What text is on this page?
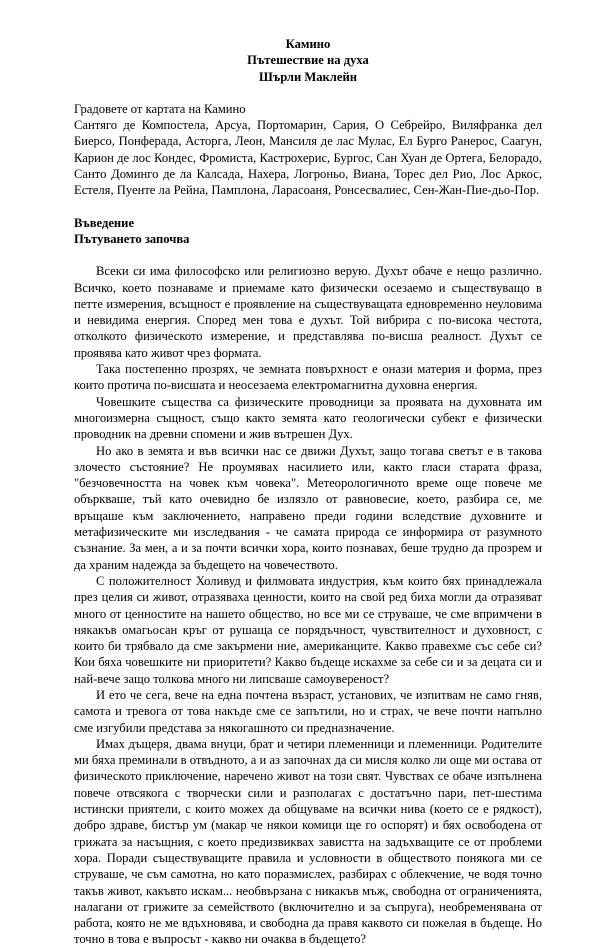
Камино
Пътешествие на духа
Шърли Маклейн
Градовете от картата на Камино
Сантяго де Компостела, Арсуа, Портомарин, Сария, О Себрейро, Виляфранка дел Биерсо, Понферада, Асторга, Леон, Мансиля де лас Мулас, Ел Бурго Ранерос, Саагун, Карион де лос Кондес, Фромиста, Кастрохерис, Бургос, Сан Хуан де Ортега, Белорадо, Санто Доминго де ла Калсада, Нахера, Логроньо, Виана, Торес дел Рио, Лос Аркос, Естеля, Пуенте ла Рейна, Памплона, Ларасоаня, Ронсесвалиес, Сен-Жан-Пие-дьо-Пор.
Въведение
Пътуването започва

Всеки си има философско или религиозно верую. Духът обаче е нещо различно. Всичко, което познаваме и приемаме като физически осезаемо и съществуващо в петте измерения, всъщност е проявление на съществуващата едновременно неуловима и невидима енергия. Според мен това е духът. Той вибрира с по-висока честота, отколкото физическото измерение, и представлява по-висша реалност. Духът се проявява като живот чрез формата.

Така постепенно прозрях, че земната повърхност е онази материя и форма, през които протича по-висшата и неосезаема електромагнитна духовна енергия.

Човешките същества са физическите проводници за проявата на духовната им многоизмерна същност, също както земята като геологически субект е физически проводник на древни спомени и жив вътрешен Дух.

Но ако в земята и във всички нас се движи Духът, защо тогава светът е в такова злочесто състояние? Не проумявах насилието или, както гласи старата фраза, "безчовечността на човек към човека". Метеорологичното време още повече ме объркваше, тъй като очевидно бе излязло от равновесие, което, разбира се, ме връщаше към заключението, направено преди години вследствие духовните и метафизическите ми изследвания - че самата природа се информира от разумното съзнание. За мен, а и за почти всички хора, които познавах, беше трудно да прозрем и да храним надежда за бъдещето на човечеството.

С положителност Холивуд и филмовата индустрия, към които бях принадлежала през целия си живот, отразяваха ценности, които на свой ред биха могли да отразяват много от ценностите на нашето общество, но все ми се струваше, че сме впримчени в някакъв омагьосан кръг от рушаща се порядъчност, чувствителност и духовност, с които би трябвало да сме закърмени ние, американците. Какво правехме със себе си? Кои бяха човешките ни приоритети? Какво бъдеще искахме за себе си и за децата си и най-вече защо толкова много ни липсваше самоувереност?

И ето че сега, вече на една почтена възраст, установих, че изпитвам не само гняв, самота и тревога от това накъде сме се запътили, но и страх, че вече почти напълно сме изгубили представа за някогашното си предназначение.

Имах дъщеря, двама внуци, брат и четири племенници и племенници. Родителите ми бяха преминали в отвъдното, а и аз започнах да си мисля колко ли още ми остава от физическото приключение, наречено живот на този свят. Чувствах се обаче изпълнена повече отвсякога с творчески сили и разполагах с достатъчно пари, пет-шестима истински приятели, с които можех да общуваме на всички нива (което се е рядкост), добро здраве, бистър ум (макар че някои комици ще го оспорят) и бях освободена от грижата за насъщния, с което предизвиквах завистта на задъхващите се от проблеми хора. Поради съществуващите правила и условности в обществото понякога ми се струваше, че съм самотна, но като поразмислех, разбирах с облекчение, че водя точно такъв живот, какъвто искам... необвързана с никакъв мъж, свободна от ограниченията, налагани от грижите за семейството (включително и за съпруга), необременявана от работа, която не ме вдъхновява, и свободна да правя каквото си пожелая в бъдеще. Но точно в това е въпросът - какво ни очаква в бъдещето?
